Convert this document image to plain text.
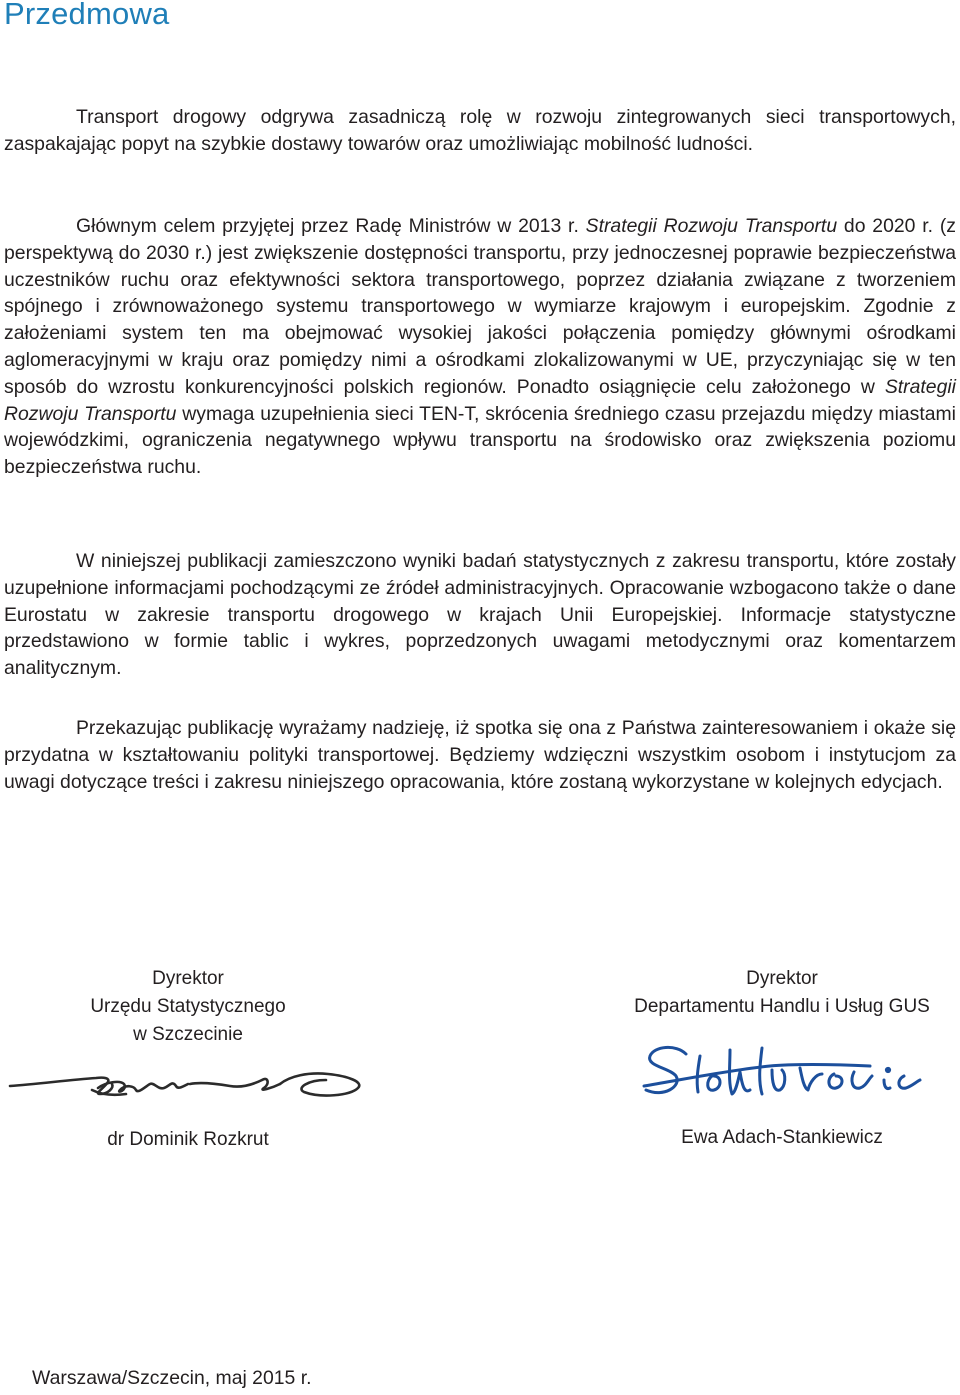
Przedmowa

Transport drogowy odgrywa zasadniczą rolę w rozwoju zintegrowanych sieci transportowych, zaspakajając popyt na szybkie dostawy towarów oraz umożliwiając mobilność ludności.

Głównym celem przyjętej przez Radę Ministrów w 2013 r. Strategii Rozwoju Transportu do 2020 r. (z perspektywą do 2030 r.) jest zwiększenie dostępności transportu, przy jednoczesnej poprawie bezpieczeństwa uczestników ruchu oraz efektywności sektora transportowego, poprzez działania związane z tworzeniem spójnego i zrównoważonego systemu transportowego w wymiarze krajowym i europejskim. Zgodnie z założeniami system ten ma obejmować wysokiej jakości połączenia pomiędzy głównymi ośrodkami aglomeracyjnymi w kraju oraz pomiędzy nimi a ośrodkami zlokalizowanymi w UE, przyczyniając się w ten sposób do wzrostu konkurencyjności polskich regionów. Ponadto osiągnięcie celu założonego w Strategii Rozwoju Transportu wymaga uzupełnienia sieci TEN-T, skrócenia średniego czasu przejazdu między miastami wojewódzkimi, ograniczenia negatywnego wpływu transportu na środowisko oraz zwiększenia poziomu bezpieczeństwa ruchu.

W niniejszej publikacji zamieszczono wyniki badań statystycznych z zakresu transportu, które zostały uzupełnione informacjami pochodzącymi ze źródeł administracyjnych. Opracowanie wzbogacono także o dane Eurostatu w zakresie transportu drogowego w krajach Unii Europejskiej. Informacje statystyczne przedstawiono w formie tablic i wykres, poprzedzonych uwagami metodycznymi oraz komentarzem analitycznym.

Przekazując publikację wyrażamy nadzieję, iż spotka się ona z Państwa zainteresowaniem i okaże się przydatna w kształtowaniu polityki transportowej. Będziemy wdzięczni wszystkim osobom i instytucjom za uwagi dotyczące treści i zakresu niniejszego opracowania, które zostaną wykorzystane w kolejnych edycjach.

Dyrektor
Urzędu Statystycznego
w Szczecinie
Dyrektor
Departamentu Handlu i Usług GUS
dr Dominik Rozkrut	Ewa Adach-Stankiewicz
Warszawa/Szczecin, maj 2015 r.
